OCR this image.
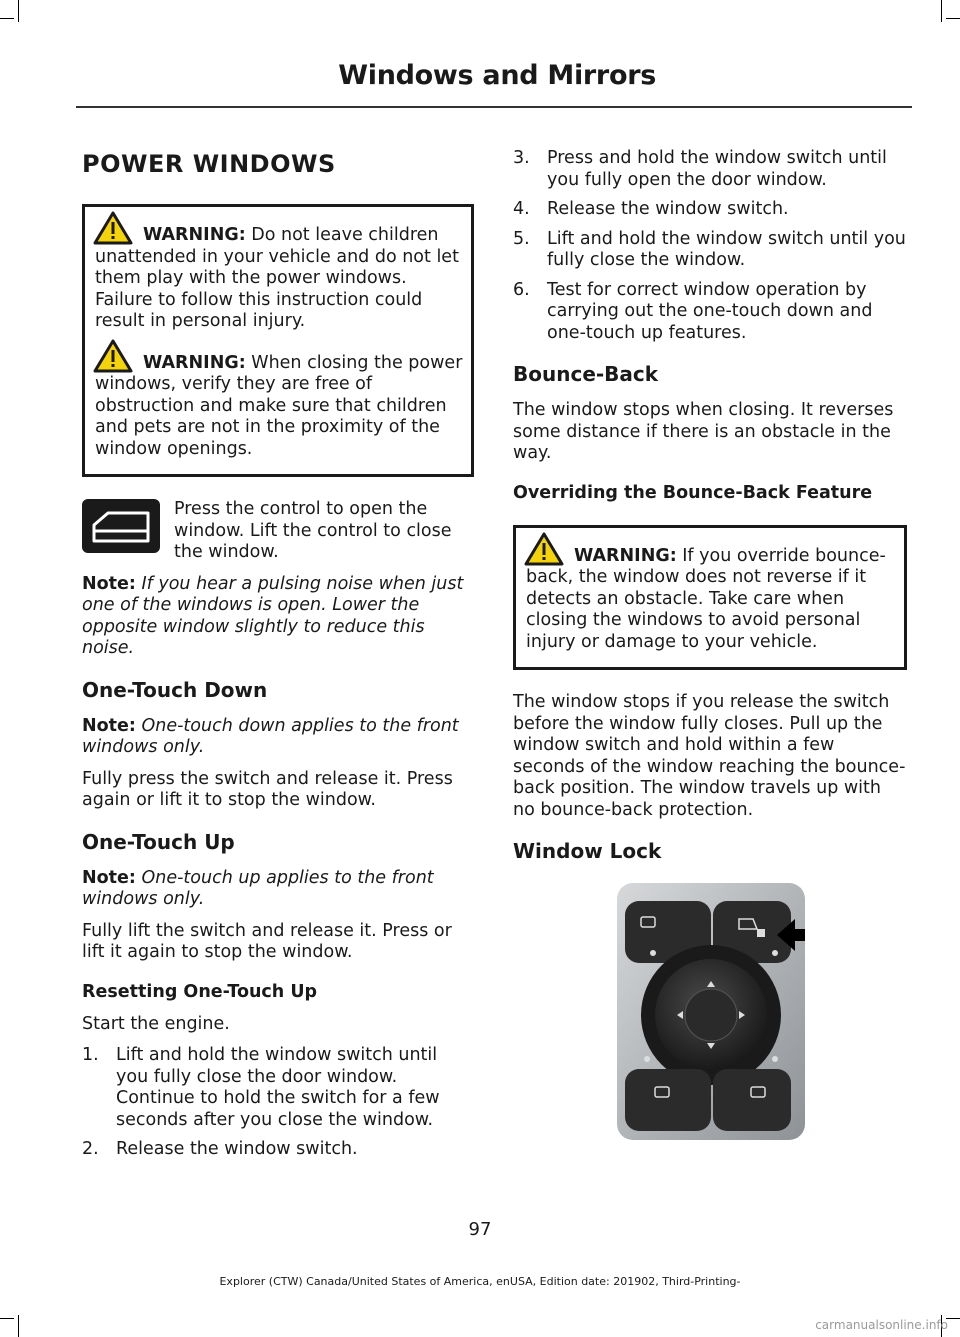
Windows and Mirrors
POWER WINDOWS

WARNING: Do not leave children unattended in your vehicle and do not let them play with the power windows. Failure to follow this instruction could result in personal injury.

WARNING: When closing the power windows, verify they are free of obstruction and make sure that children and pets are not in the proximity of the window openings.

Press the control to open the window. Lift the control to close the window.

Note: If you hear a pulsing noise when just one of the windows is open. Lower the opposite window slightly to reduce this noise.

One-Touch Down

Note: One-touch down applies to the front windows only.

Fully press the switch and release it. Press again or lift it to stop the window.

One-Touch Up

Note: One-touch up applies to the front windows only.

Fully lift the switch and release it. Press or lift it again to stop the window.

Resetting One-Touch Up

Start the engine.

1. Lift and hold the window switch until you fully close the door window. Continue to hold the switch for a few seconds after you close the window.
2. Release the window switch.
3. Press and hold the window switch until you fully open the door window.
4. Release the window switch.
5. Lift and hold the window switch until you fully close the window.
6. Test for correct window operation by carrying out the one-touch down and one-touch up features.
Bounce-Back

The window stops when closing. It reverses some distance if there is an obstacle in the way.

Overriding the Bounce-Back Feature

WARNING: If you override bounce-back, the window does not reverse if it detects an obstacle. Take care when closing the windows to avoid personal injury or damage to your vehicle.

The window stops if you release the switch before the window fully closes. Pull up the window switch and hold within a few seconds of the window reaching the bounce-back position. The window travels up with no bounce-back protection.

Window Lock
97
Explorer (CTW) Canada/United States of America, enUSA, Edition date: 201902, Third-Printing-
carmanualsonline.info
